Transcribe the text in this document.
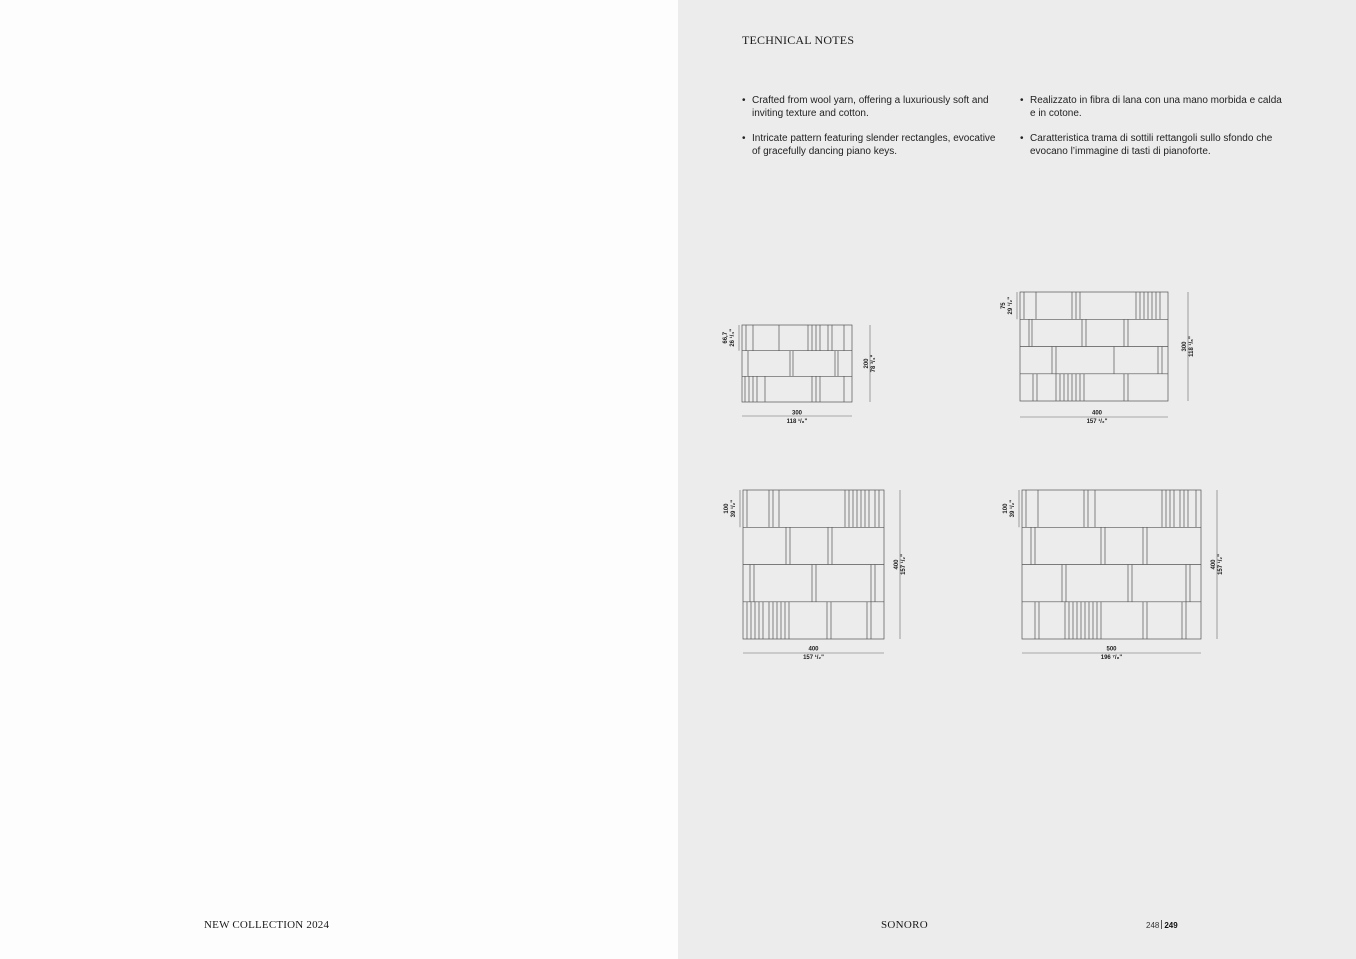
TECHNICAL NOTES
• Crafted from wool yarn, offering a luxuriously soft and inviting texture and cotton.
• Intricate pattern featuring slender rectangles, evocative of gracefully dancing piano keys.
• Realizzato in fibra di lana con una mano morbida e calda e in cotone.
• Caratteristica trama di sottili rettangoli sullo sfondo che evocano l’immagine di tasti di pianoforte.
66,7 26 ¹/₄"
200 78 ³/₄"
300
118 ¹/₈"
75 29 ¹/₂"
300 118 ¹/₈"
400
157 ¹/₂"
100 39 ¹/₂"
400 157 ¹/₂"
400
157 ¹/₂"
100 39 ¹/₂"
400 157 ¹/₂"
500
196 ⁷/₈"
NEW COLLECTION 2024	SONORO	248 249
